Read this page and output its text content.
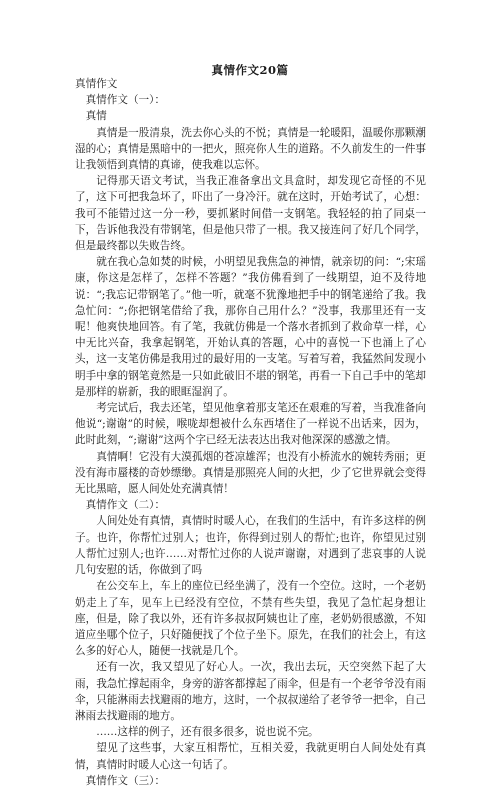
真情作文20篇

真情作文

真情作文（一）：

真情

真情是一股清泉，洗去你心头的不悦；真情是一轮暖阳，温暖你那颗潮湿的心；真情是黑暗中的一把火，照亮你人生的道路。不久前发生的一件事让我领悟到真情的真谛，使我难以忘怀。

记得那天语文考试，当我正准备拿出文具盒时，却发现它奇怪的不见了，这下可把我急坏了，吓出了一身冷汗。就在这时，开始考试了，心想：我可不能错过这一分一秒，要抓紧时间借一支钢笔。我轻轻的拍了同桌一下，告诉他我没有带钢笔，但是他只带了一根。我又接连问了好几个同学，但是最终都以失败告终。

就在我心急如焚的时候，小明望见我焦急的神情，就亲切的问：“;宋瑶康，你这是怎样了，怎样不答题？”我仿佛看到了一线期望，迫不及待地说：“;我忘记带钢笔了。”他一听，就毫不犹豫地把手中的钢笔递给了我。我急忙问：“;你把钢笔借给了我，那你自己用什么？”没事，我那里还有一支呢！他爽快地回答。有了笔，我就仿佛是一个落水者抓到了救命草一样，心中无比兴奋，我拿起钢笔，开始认真的答题，心中的喜悦一下也涌上了心头，这一支笔仿佛是我用过的最好用的一支笔。写着写着，我猛然间发现小明手中拿的钢笔竟然是一只如此破旧不堪的钢笔，再看一下自己手中的笔却是那样的崭新，我的眼眶湿润了。

考完试后，我去还笔，望见他拿着那支笔还在艰难的写着，当我准备向他说“;谢谢”的时候，喉咙却想被什么东西堵住了一样说不出话来，因为，此时此刻，“;谢谢”这两个字已经无法表达出我对他深深的感激之情。

真情啊！它没有大漠孤烟的苍凉雄浑；也没有小桥流水的婉转秀丽；更没有海市蜃楼的奇妙缥缈。真情是那照亮人间的火把，少了它世界就会变得无比黑暗，愿人间处处充满真情！

真情作文（二）：

人间处处有真情，真情时时暖人心，在我们的生活中，有许多这样的例子。也许，你帮忙过别人；也许，你得到过别人的帮忙;也许，你望见过别人帮忙过别人;也许……对帮忙过你的人说声谢谢，对遇到了悲哀事的人说几句安慰的话，你做到了吗

在公交车上，车上的座位已经坐满了，没有一个空位。这时，一个老奶奶走上了车，见车上已经没有空位，不禁有些失望，我见了急忙起身想让座，但是，除了我以外，还有许多叔叔阿姨也让了座，老奶奶很感激，不知道应坐哪个位子，只好随便找了个位子坐下。原先，在我们的社会上，有这么多的好心人，随便一找就是几个。

还有一次，我又望见了好心人。一次，我出去玩，天空突然下起了大雨，我急忙撑起雨伞，身旁的游客都撑起了雨伞，但是有一个老爷爷没有雨伞，只能淋雨去找避雨的地方，这时，一个叔叔递给了老爷爷一把伞，自己淋雨去找避雨的地方。

……这样的例子，还有很多很多，说也说不完。

望见了这些事，大家互相帮忙，互相关爱，我就更明白人间处处有真情，真情时时暖人心这一句话了。

真情作文（三）：
